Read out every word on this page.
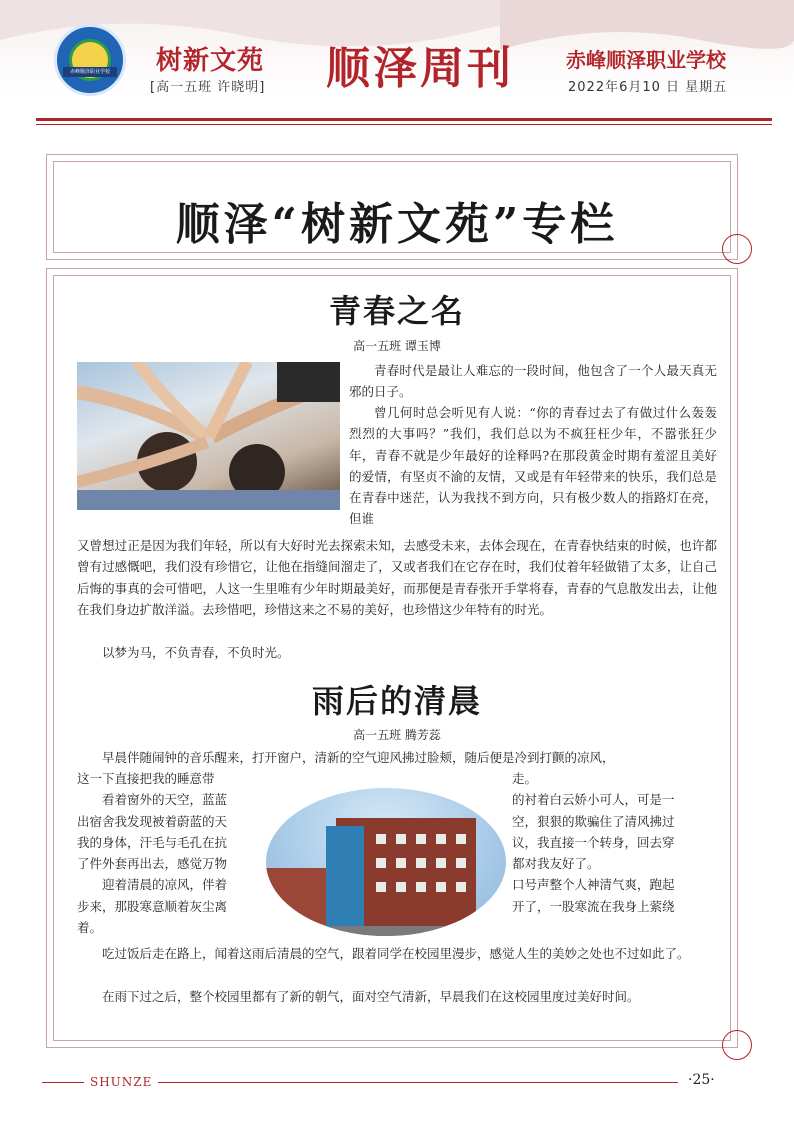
赤峰顺泽职业学校 树新文苑
[高一五班 许晓明] 顺泽周刊	赤峰顺泽职业学校
2022年6月10 日 星期五
顺泽“树新文苑”专栏
青春之名
高一五班 谭玉博

青春时代是最让人难忘的一段时间，他包含了一个人最天真无邪的日子。

曾几何时总会听见有人说：“你的青春过去了有做过什么轰轰烈烈的大事吗？”我们，我们总以为不疯狂枉少年，不嚣张狂少年，青春不就是少年最好的诠释吗?在那段黄金时期有羞涩且美好的爱情，有坚贞不渝的友情，又或是有年轻带来的快乐，我们总是在青春中迷茫，认为我找不到方向，只有极少数人的指路灯在亮，但谁

又曾想过正是因为我们年轻，所以有大好时光去探索未知，去感受未来，去体会现在，在青春快结束的时候，也许都曾有过感慨吧，我们没有珍惜它，让他在指缝间溜走了，又或者我们在它存在时，我们仗着年轻做错了太多，让自己后悔的事真的会可惜吧，人这一生里唯有少年时期最美好，而那便是青春张开手掌将春，青春的气息散发出去，让他在我们身边扩散洋溢。去珍惜吧，珍惜这来之不易的美好，也珍惜这少年特有的时光。

以梦为马，不负青春，不负时光。

雨后的清晨
高一五班 腾芳蕊

早晨伴随闹钟的音乐醒来，打开窗户，清新的空气迎风拂过脸颊，随后便是冷到打颤的凉风，

这一下直接把我的睡意带
看着窗外的天空，蓝蓝
出宿舍我发现被着蔚蓝的天
我的身体，汗毛与毛孔在抗
了件外套再出去，感觉万物
迎着清晨的凉风，伴着
步来，那股寒意顺着灰尘离
着。
走。
的衬着白云娇小可人，可是一
空，狠狠的欺骗住了清风拂过
议，我直接一个转身，回去穿
都对我友好了。
口号声整个人神清气爽，跑起
开了，一股寒流在我身上萦绕

吃过饭后走在路上，闻着这雨后清晨的空气，跟着同学在校园里漫步，感觉人生的美妙之处也不过如此了。

在雨下过之后，整个校园里都有了新的朝气，面对空气清新，早晨我们在这校园里度过美好时间。

SHUNZE	·25·
